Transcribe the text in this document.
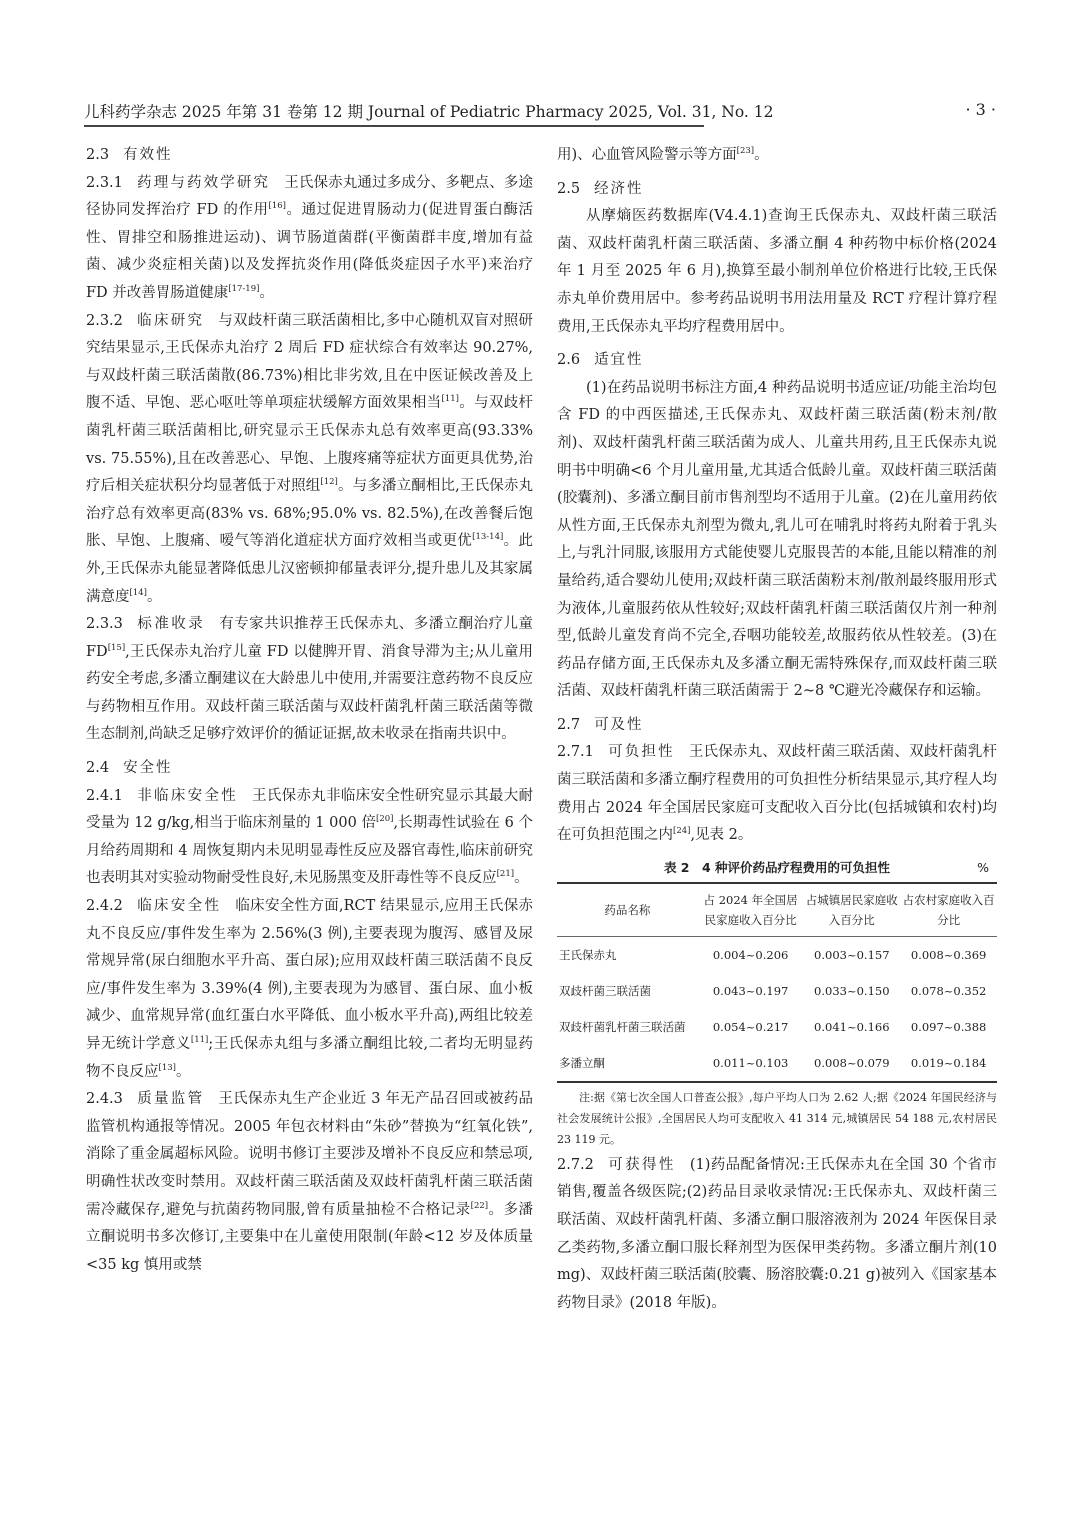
儿科药学杂志 2025 年第 31 卷第 12 期 Journal of Pediatric Pharmacy 2025, Vol. 31, No. 12	· 3 ·

2.3 有效性

2.3.1 药理与药效学研究 王氏保赤丸通过多成分、多靶点、多途径协同发挥治疗 FD 的作用[16]。通过促进胃肠动力(促进胃蛋白酶活性、胃排空和肠推进运动)、调节肠道菌群(平衡菌群丰度,增加有益菌、减少炎症相关菌)以及发挥抗炎作用(降低炎症因子水平)来治疗 FD 并改善胃肠道健康[17-19]。

2.3.2 临床研究 与双歧杆菌三联活菌相比,多中心随机双盲对照研究结果显示,王氏保赤丸治疗 2 周后 FD 症状综合有效率达 90.27%,与双歧杆菌三联活菌散(86.73%)相比非劣效,且在中医证候改善及上腹不适、早饱、恶心呕吐等单项症状缓解方面效果相当[11]。与双歧杆菌乳杆菌三联活菌相比,研究显示王氏保赤丸总有效率更高(93.33% vs. 75.55%),且在改善恶心、早饱、上腹疼痛等症状方面更具优势,治疗后相关症状积分均显著低于对照组[12]。与多潘立酮相比,王氏保赤丸治疗总有效率更高(83% vs. 68%;95.0% vs. 82.5%),在改善餐后饱胀、早饱、上腹痛、嗳气等消化道症状方面疗效相当或更优[13-14]。此外,王氏保赤丸能显著降低患儿汉密顿抑郁量表评分,提升患儿及其家属满意度[14]。

2.3.3 标准收录 有专家共识推荐王氏保赤丸、多潘立酮治疗儿童 FD[15],王氏保赤丸治疗儿童 FD 以健脾开胃、消食导滞为主;从儿童用药安全考虑,多潘立酮建议在大龄患儿中使用,并需要注意药物不良反应与药物相互作用。双歧杆菌三联活菌与双歧杆菌乳杆菌三联活菌等微生态制剂,尚缺乏足够疗效评价的循证证据,故未收录在指南共识中。

2.4 安全性

2.4.1 非临床安全性 王氏保赤丸非临床安全性研究显示其最大耐受量为 12 g/kg,相当于临床剂量的 1 000 倍[20],长期毒性试验在 6 个月给药周期和 4 周恢复期内未见明显毒性反应及器官毒性,临床前研究也表明其对实验动物耐受性良好,未见肠黑变及肝毒性等不良反应[21]。

2.4.2 临床安全性 临床安全性方面,RCT 结果显示,应用王氏保赤丸不良反应/事件发生率为 2.56%(3 例),主要表现为腹泻、感冒及尿常规异常(尿白细胞水平升高、蛋白尿);应用双歧杆菌三联活菌不良反应/事件发生率为 3.39%(4 例),主要表现为为感冒、蛋白尿、血小板减少、血常规异常(血红蛋白水平降低、血小板水平升高),两组比较差异无统计学意义[11];王氏保赤丸组与多潘立酮组比较,二者均无明显药物不良反应[13]。

2.4.3 质量监管 王氏保赤丸生产企业近 3 年无产品召回或被药品监管机构通报等情况。2005 年包衣材料由“朱砂”替换为“红氧化铁”,消除了重金属超标风险。说明书修订主要涉及增补不良反应和禁忌项,明确性状改变时禁用。双歧杆菌三联活菌及双歧杆菌乳杆菌三联活菌需冷藏保存,避免与抗菌药物同服,曾有质量抽检不合格记录[22]。多潘立酮说明书多次修订,主要集中在儿童使用限制(年龄<12 岁及体质量<35 kg 慎用或禁

用)、心血管风险警示等方面[23]。

2.5 经济性

从摩熵医药数据库(V4.4.1)查询王氏保赤丸、双歧杆菌三联活菌、双歧杆菌乳杆菌三联活菌、多潘立酮 4 种药物中标价格(2024 年 1 月至 2025 年 6 月),换算至最小制剂单位价格进行比较,王氏保赤丸单价费用居中。参考药品说明书用法用量及 RCT 疗程计算疗程费用,王氏保赤丸平均疗程费用居中。

2.6 适宜性

(1)在药品说明书标注方面,4 种药品说明书适应证/功能主治均包含 FD 的中西医描述,王氏保赤丸、双歧杆菌三联活菌(粉末剂/散剂)、双歧杆菌乳杆菌三联活菌为成人、儿童共用药,且王氏保赤丸说明书中明确<6 个月儿童用量,尤其适合低龄儿童。双歧杆菌三联活菌(胶囊剂)、多潘立酮目前市售剂型均不适用于儿童。(2)在儿童用药依从性方面,王氏保赤丸剂型为微丸,乳儿可在哺乳时将药丸附着于乳头上,与乳汁同服,该服用方式能使婴儿克服畏苦的本能,且能以精准的剂量给药,适合婴幼儿使用;双歧杆菌三联活菌粉末剂/散剂最终服用形式为液体,儿童服药依从性较好;双歧杆菌乳杆菌三联活菌仅片剂一种剂型,低龄儿童发育尚不完全,吞咽功能较差,故服药依从性较差。(3)在药品存储方面,王氏保赤丸及多潘立酮无需特殊保存,而双歧杆菌三联活菌、双歧杆菌乳杆菌三联活菌需于 2~8 ℃避光冷藏保存和运输。

2.7 可及性

2.7.1 可负担性 王氏保赤丸、双歧杆菌三联活菌、双歧杆菌乳杆菌三联活菌和多潘立酮疗程费用的可负担性分析结果显示,其疗程人均费用占 2024 年全国居民家庭可支配收入百分比(包括城镇和农村)均在可负担范围之内[24],见表 2。

表 2　4 种评价药品疗程费用的可负担性	%
药品名称	占 2024 年全国居民家庭收入百分比	占城镇居民家庭收入百分比	占农村家庭收入百分比
王氏保赤丸	0.004~0.206	0.003~0.157	0.008~0.369
双歧杆菌三联活菌	0.043~0.197	0.033~0.150	0.078~0.352
双歧杆菌乳杆菌三联活菌	0.054~0.217	0.041~0.166	0.097~0.388
多潘立酮	0.011~0.103	0.008~0.079	0.019~0.184

注:据《第七次全国人口普查公报》,每户平均人口为 2.62 人;据《2024 年国民经济与社会发展统计公报》,全国居民人均可支配收入 41 314 元,城镇居民 54 188 元,农村居民 23 119 元。

2.7.2 可获得性 (1)药品配备情况:王氏保赤丸在全国 30 个省市销售,覆盖各级医院;(2)药品目录收录情况:王氏保赤丸、双歧杆菌三联活菌、双歧杆菌乳杆菌、多潘立酮口服溶液剂为 2024 年医保目录乙类药物,多潘立酮口服长释剂型为医保甲类药物。多潘立酮片剂(10 mg)、双歧杆菌三联活菌(胶囊、肠溶胶囊:0.21 g)被列入《国家基本药物目录》(2018 年版)。
